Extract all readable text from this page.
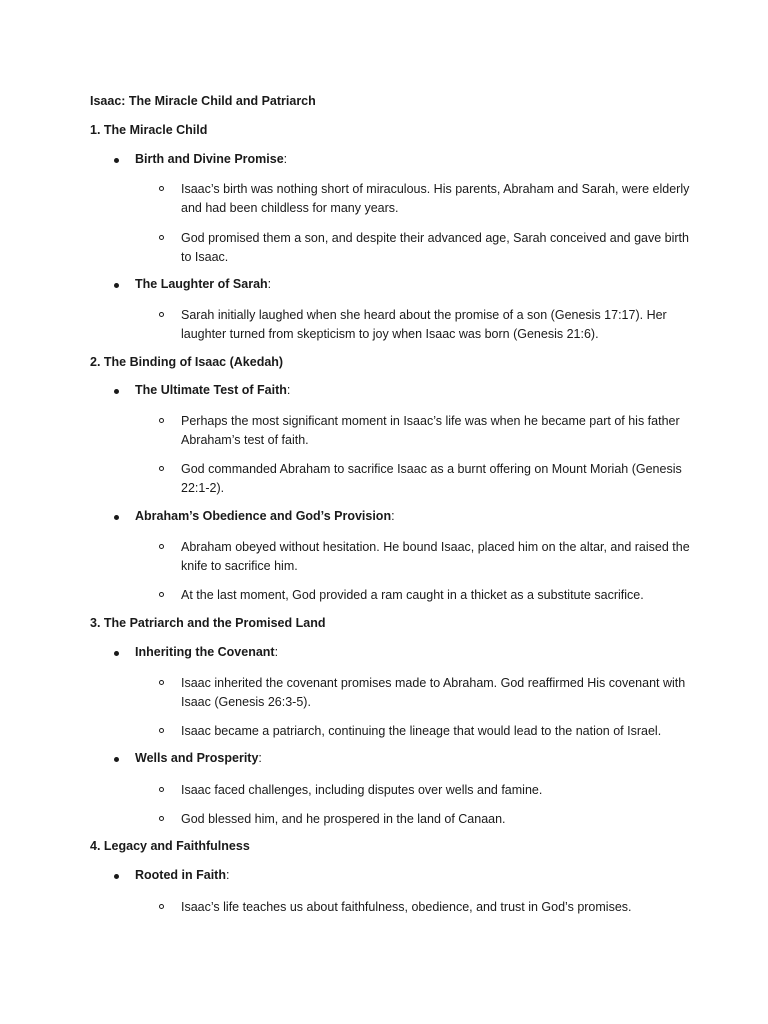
Isaac: The Miracle Child and Patriarch
1. The Miracle Child
Birth and Divine Promise:
Isaac’s birth was nothing short of miraculous. His parents, Abraham and Sarah, were elderly and had been childless for many years.
God promised them a son, and despite their advanced age, Sarah conceived and gave birth to Isaac.
The Laughter of Sarah:
Sarah initially laughed when she heard about the promise of a son (Genesis 17:17). Her laughter turned from skepticism to joy when Isaac was born (Genesis 21:6).
2. The Binding of Isaac (Akedah)
The Ultimate Test of Faith:
Perhaps the most significant moment in Isaac’s life was when he became part of his father Abraham’s test of faith.
God commanded Abraham to sacrifice Isaac as a burnt offering on Mount Moriah (Genesis 22:1-2).
Abraham’s Obedience and God’s Provision:
Abraham obeyed without hesitation. He bound Isaac, placed him on the altar, and raised the knife to sacrifice him.
At the last moment, God provided a ram caught in a thicket as a substitute sacrifice.
3. The Patriarch and the Promised Land
Inheriting the Covenant:
Isaac inherited the covenant promises made to Abraham. God reaffirmed His covenant with Isaac (Genesis 26:3-5).
Isaac became a patriarch, continuing the lineage that would lead to the nation of Israel.
Wells and Prosperity:
Isaac faced challenges, including disputes over wells and famine.
God blessed him, and he prospered in the land of Canaan.
4. Legacy and Faithfulness
Rooted in Faith:
Isaac’s life teaches us about faithfulness, obedience, and trust in God’s promises.
